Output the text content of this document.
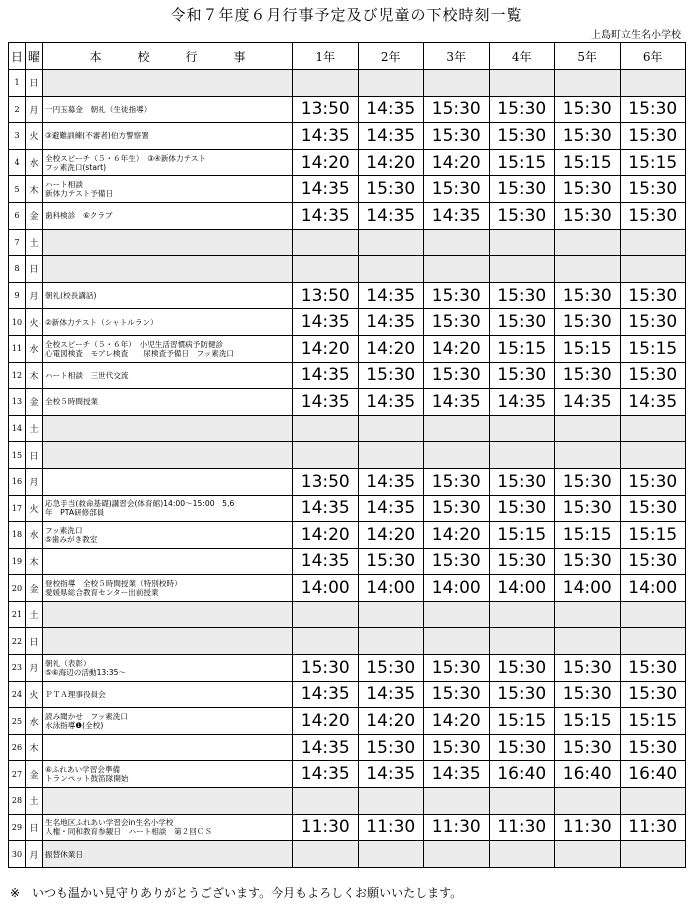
令和７年度６月行事予定及び児童の下校時刻一覧
上島町立生名小学校
日	曜	本　　　校　　　行　　　事	1年	2年	3年	4年	5年	6年
1	日							
2	月	一円玉募金　朝礼（生徒指導）	13:50	14:35	15:30	15:30	15:30	15:30
3	火	③避難訓練(不審者)伯方警察署	14:35	14:35	15:30	15:30	15:30	15:30
4	水	全校スピーチ（５・６年生）　③④新体力テスト
フッ素洗口(start)	14:20	14:20	14:20	15:15	15:15	15:15
5	木	ハート相談
新体力テスト予備日	14:35	15:30	15:30	15:30	15:30	15:30
6	金	歯科検診　⑥クラブ	14:35	14:35	14:35	15:30	15:30	15:30
7	土							
8	日							
9	月	朝礼(校長講話)	13:50	14:35	15:30	15:30	15:30	15:30
10	火	②新体力テスト（シャトルラン）	14:35	14:35	15:30	15:30	15:30	15:30
11	水	全校スピーチ（５・６年）　小児生活習慣病予防健診
心電図検査　モアレ検査　　尿検査予備日　フッ素洗口	14:20	14:20	14:20	15:15	15:15	15:15
12	木	ハート相談　三世代交流	14:35	15:30	15:30	15:30	15:30	15:30
13	金	全校５時間授業	14:35	14:35	14:35	14:35	14:35	14:35
14	土							
15	日							
16	月		13:50	14:35	15:30	15:30	15:30	15:30
17	火	応急手当(救命基礎)講習会(体育館)14:00～15:00　5,6
年　PTA研修部員	14:35	14:35	15:30	15:30	15:30	15:30
18	水	フッ素洗口
⑤歯みがき教室	14:20	14:20	14:20	15:15	15:15	15:15
19	木		14:35	15:30	15:30	15:30	15:30	15:30
20	金	登校指導　全校５時間授業（特別校時）
愛媛県総合教育センター出前授業	14:00	14:00	14:00	14:00	14:00	14:00
21	土							
22	日							
23	月	朝礼（表彰）
⑤⑥海辺の活動13:35～	15:30	15:30	15:30	15:30	15:30	15:30
24	火	ＰＴＡ理事役員会	14:35	14:35	15:30	15:30	15:30	15:30
25	水	読み聞かせ　フッ素洗口
水泳指導❶(全校)	14:20	14:20	14:20	15:15	15:15	15:15
26	木		14:35	15:30	15:30	15:30	15:30	15:30
27	金	⑥ふれあい学習会準備
トランペット鼓笛隊開始	14:35	14:35	14:35	16:40	16:40	16:40
28	土							
29	日	生名地区ふれあい学習会in生名小学校
人権・同和教育参観日　ハート相談　第２回ＣＳ	11:30	11:30	11:30	11:30	11:30	11:30
30	月	振替休業日						
※　いつも温かい見守りありがとうございます。今月もよろしくお願いいたします。
